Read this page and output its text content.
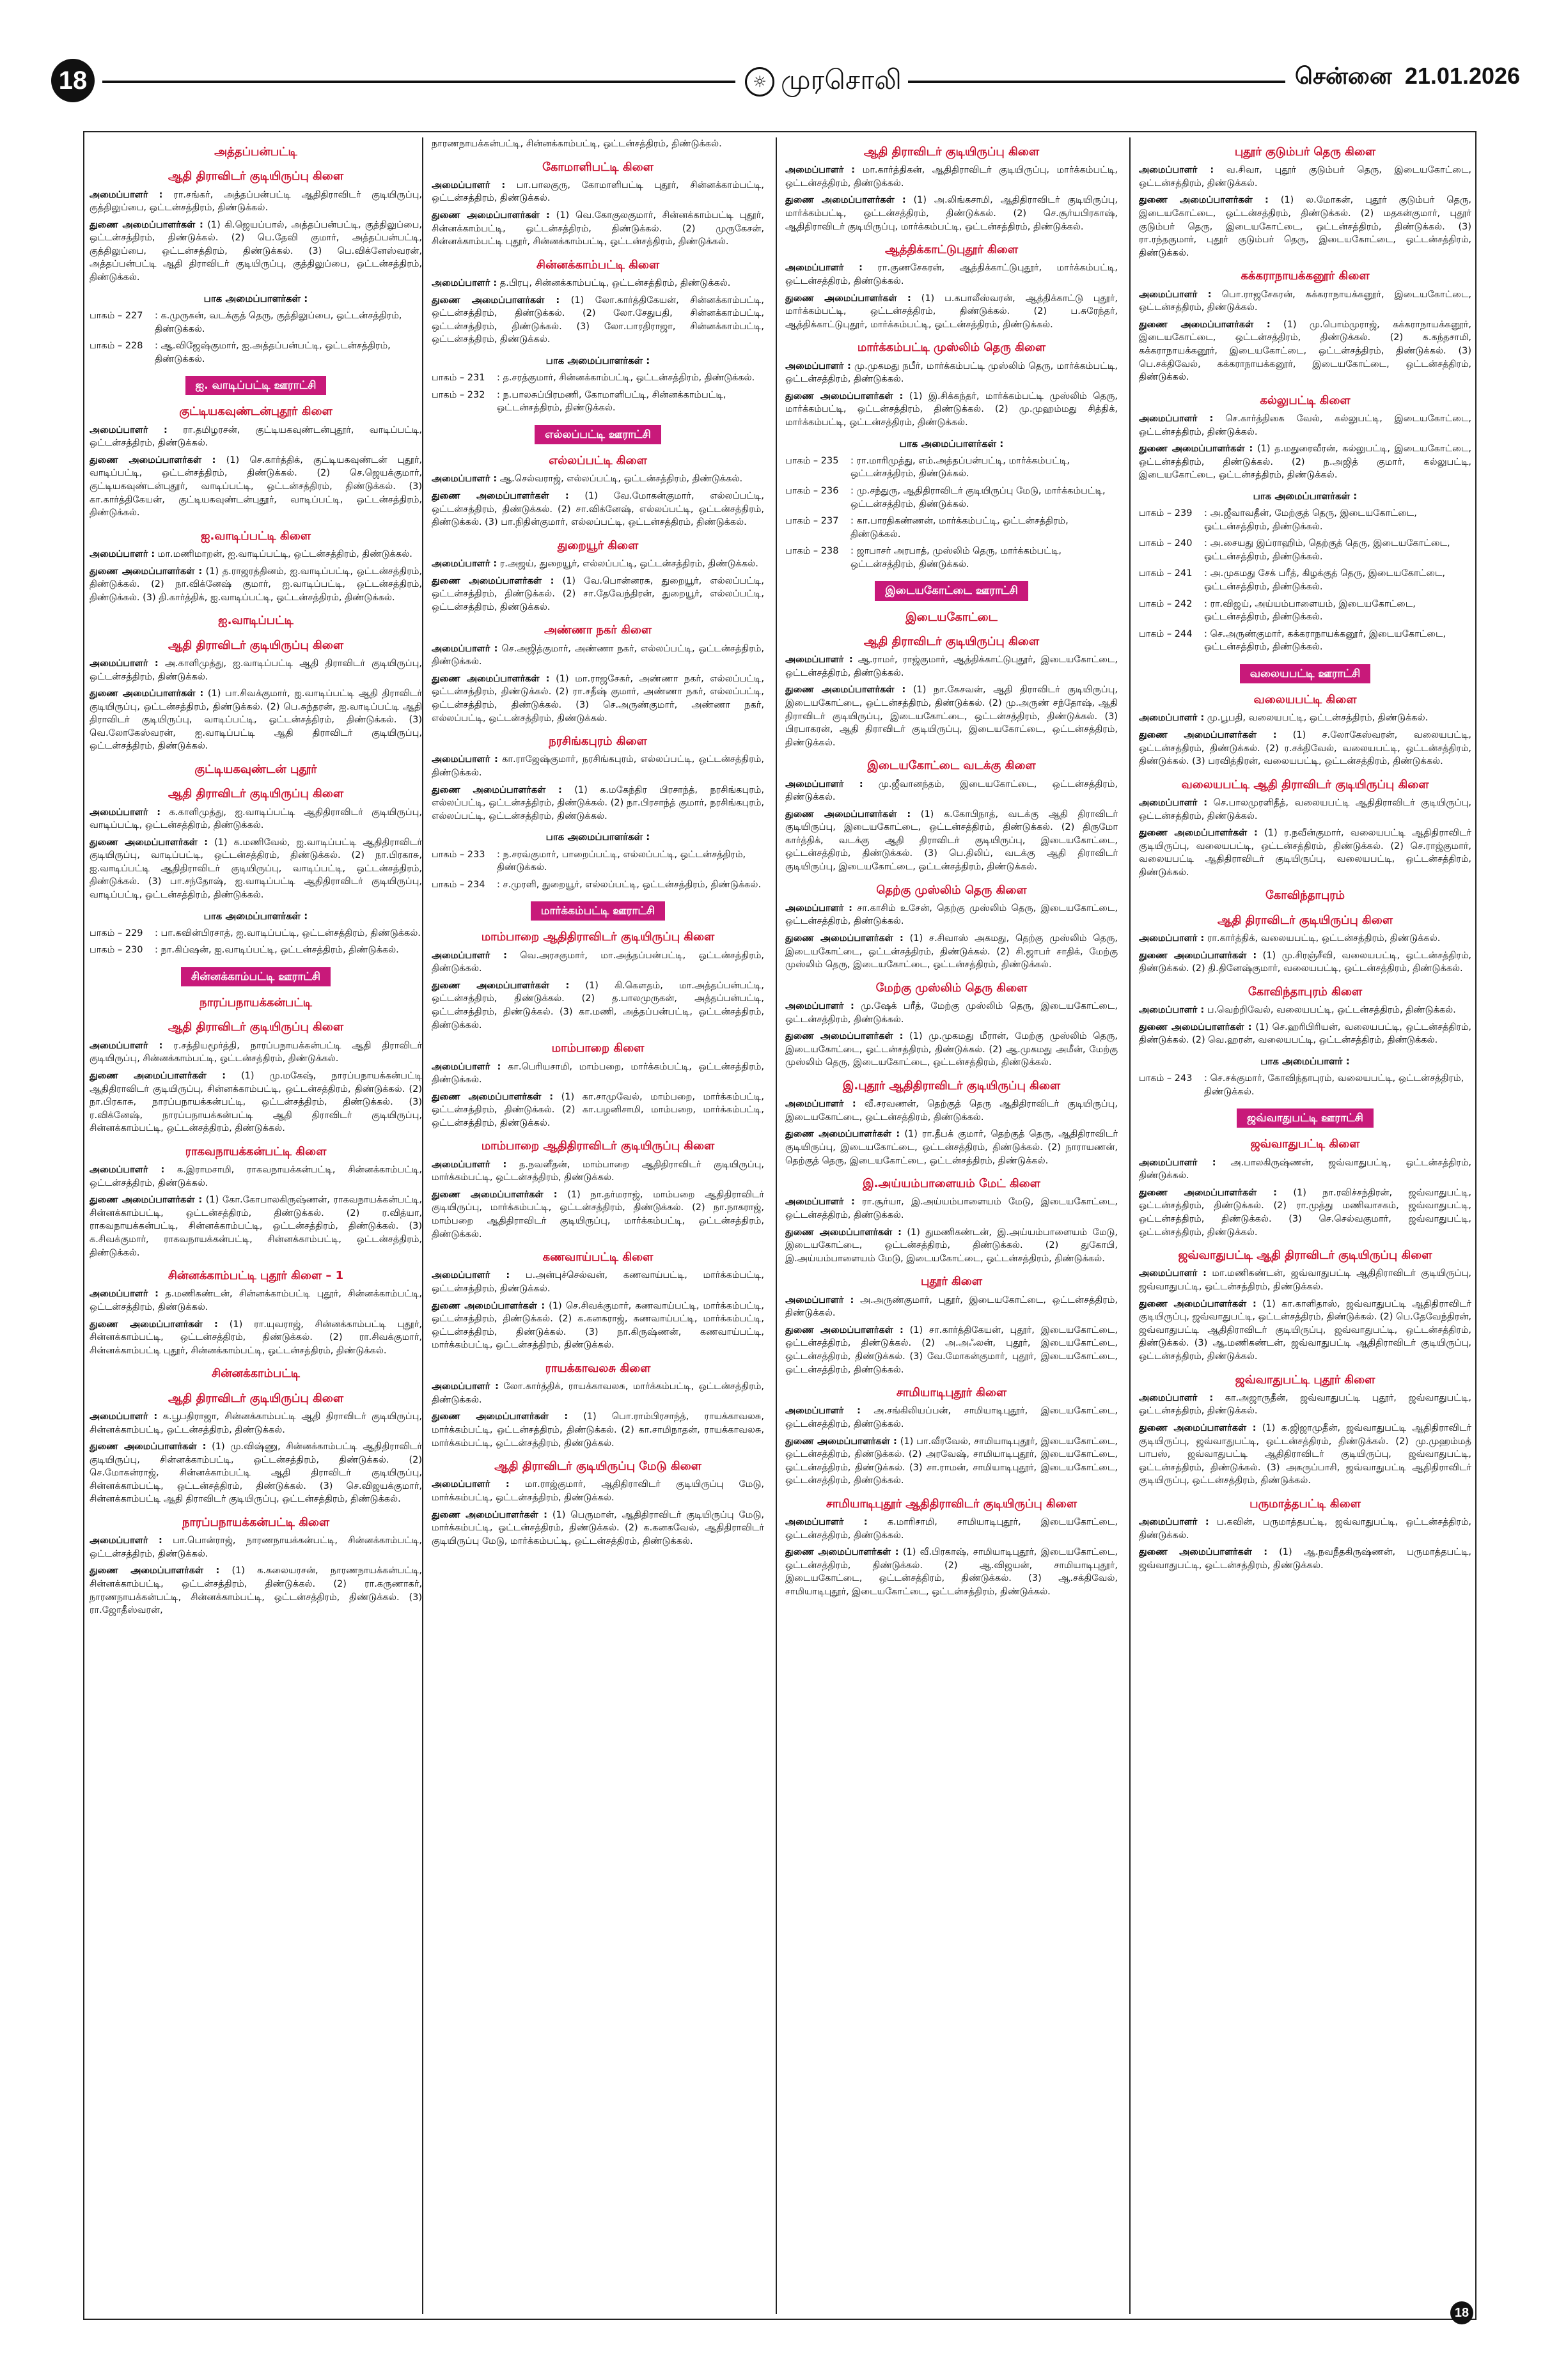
18	☼ முரசொலி	சென்னை 21.01.2026
அத்தப்பன்பட்டி
ஆதி திராவிடர் குடியிருப்பு கிளை
அமைப்பாளர் : ரா.சங்கர், அத்தப்பன்பட்டி ஆதிதிராவிடர் குடியிருப்பு, குத்திலுப்பை, ஒட்டன்சத்திரம், திண்டுக்கல்.
துணை அமைப்பாளர்கள் : (1) கி.ஜெயப்பால், அத்தப்பன்பட்டி, குத்திலுப்பை, ஒட்டன்சத்திரம், திண்டுக்கல். (2) பெ.தேவி குமார், அத்தப்பன்பட்டி, குத்திலுப்பை, ஒட்டன்சத்திரம், திண்டுக்கல். (3) பெ.விக்னேஸ்வரன், அத்தப்பன்பட்டி ஆதி திராவிடர் குடியிருப்பு, குத்திலுப்பை, ஒட்டன்சத்திரம், திண்டுக்கல்.
பாக அமைப்பாளர்கள் :
பாகம் – 227	: க.முருகன், வடக்குத் தெரு, குத்திலுப்பை, ஒட்டன்சத்திரம், திண்டுக்கல்.
பாகம் – 228	: ஆ.விஜேஷ்குமார், ஐ.அத்தப்பன்பட்டி, ஒட்டன்சத்திரம், திண்டுக்கல்.
ஐ. வாடிப்பட்டி ஊராட்சி
குட்டியகவுண்டன்புதூர் கிளை
அமைப்பாளர் : ரா.தமிழரசன், குட்டியகவுண்டன்புதூர், வாடிப்பட்டி, ஒட்டன்சத்திரம், திண்டுக்கல்.
துணை அமைப்பாளர்கள் : (1) செ.கார்த்திக், குட்டியகவுண்டன் புதூர், வாடிப்பட்டி, ஒட்டன்சத்திரம், திண்டுக்கல். (2) செ.ஜெயக்குமார், குட்டியகவுண்டன்புதூர், வாடிப்பட்டி, ஒட்டன்சத்திரம், திண்டுக்கல். (3) கா.கார்த்திகேயன், குட்டியகவுண்டன்புதூர், வாடிப்பட்டி, ஒட்டன்சத்திரம், திண்டுக்கல்.
ஐ.வாடிப்பட்டி கிளை
அமைப்பாளர் : மா.மணிமாறன், ஐ.வாடிப்பட்டி, ஒட்டன்சத்திரம், திண்டுக்கல்.
துணை அமைப்பாளர்கள் : (1) த.ராஜரத்தினம், ஐ.வாடிப்பட்டி, ஒட்டன்சத்திரம், திண்டுக்கல். (2) நா.விக்னேஷ் குமார், ஐ.வாடிப்பட்டி, ஒட்டன்சத்திரம், திண்டுக்கல். (3) தி.கார்த்திக், ஐ.வாடிப்பட்டி, ஒட்டன்சத்திரம், திண்டுக்கல்.
ஐ.வாடிப்பட்டி
ஆதி திராவிடர் குடியிருப்பு கிளை
அமைப்பாளர் : அ.காளிமுத்து, ஐ.வாடிப்பட்டி ஆதி திராவிடர் குடியிருப்பு, ஒட்டன்சத்திரம், திண்டுக்கல்.
துணை அமைப்பாளர்கள் : (1) பா.சிவக்குமார், ஐ.வாடிப்பட்டி ஆதி திராவிடர் குடியிருப்பு, ஒட்டன்சத்திரம், திண்டுக்கல். (2) பெ.சுந்தரன், ஐ.வாடிப்பட்டி ஆதி திராவிடர் குடியிருப்பு, வாடிப்பட்டி, ஒட்டன்சத்திரம், திண்டுக்கல். (3) வெ.லோகேஸ்வரன், ஐ.வாடிப்பட்டி ஆதி திராவிடர் குடியிருப்பு, ஒட்டன்சத்திரம், திண்டுக்கல்.
குட்டியகவுண்டன் புதூர்
ஆதி திராவிடர் குடியிருப்பு கிளை
அமைப்பாளர் : க.காளிமுத்து, ஐ.வாடிப்பட்டி ஆதிதிராவிடர் குடியிருப்பு, வாடிப்பட்டி, ஒட்டன்சத்திரம், திண்டுக்கல்.
துணை அமைப்பாளர்கள் : (1) க.மணிவேல், ஐ.வாடிப்பட்டி ஆதிதிராவிடர் குடியிருப்பு, வாடிப்பட்டி, ஒட்டன்சத்திரம், திண்டுக்கல். (2) நா.பிரகாசு, ஐ.வாடிப்பட்டி ஆதிதிராவிடர் குடியிருப்பு, வாடிப்பட்டி, ஒட்டன்சத்திரம், திண்டுக்கல். (3) பா.சந்தோஷ், ஐ.வாடிப்பட்டி ஆதிதிராவிடர் குடியிருப்பு, வாடிப்பட்டி, ஒட்டன்சத்திரம், திண்டுக்கல்.
பாக அமைப்பாளர்கள் :
பாகம் – 229	: பா.கவின்பிரசாத், ஐ.வாடிப்பட்டி, ஒட்டன்சத்திரம், திண்டுக்கல்.
பாகம் – 230	: நா.கிப்ஷன், ஐ.வாடிப்பட்டி, ஒட்டன்சத்திரம், திண்டுக்கல்.
சின்னக்காம்பட்டி ஊராட்சி
நாரப்பநாயக்கன்பட்டி
ஆதி திராவிடர் குடியிருப்பு கிளை
அமைப்பாளர் : ர.சத்தியமூர்த்தி, நாரப்பநாயக்கன்பட்டி ஆதி திராவிடர் குடியிருப்பு, சின்னக்காம்பட்டி, ஒட்டன்சத்திரம், திண்டுக்கல்.
துணை அமைப்பாளர்கள் : (1) மு.மகேஷ், நாரப்பநாயக்கன்பட்டி ஆதிதிராவிடர் குடியிருப்பு, சின்னக்காம்பட்டி, ஒட்டன்சத்திரம், திண்டுக்கல். (2) நா.பிரகாசு, நாரப்பநாயக்கன்பட்டி, ஒட்டன்சத்திரம், திண்டுக்கல். (3) ர.விக்னேஷ், நாரப்பநாயக்கன்பட்டி ஆதி திராவிடர் குடியிருப்பு, சின்னக்காம்பட்டி, ஒட்டன்சத்திரம், திண்டுக்கல்.
ராகவநாயக்கன்பட்டி கிளை
அமைப்பாளர் : க.இராமசாமி, ராகவநாயக்கன்பட்டி, சின்னக்காம்பட்டி, ஒட்டன்சத்திரம், திண்டுக்கல்.
துணை அமைப்பாளர்கள் : (1) கோ.கோபாலகிருஷ்ணன், ராகவநாயக்கன்பட்டி, சின்னக்காம்பட்டி, ஒட்டன்சத்திரம், திண்டுக்கல். (2) ர.வித்யா, ராகவநாயக்கன்பட்டி, சின்னக்காம்பட்டி, ஒட்டன்சத்திரம், திண்டுக்கல். (3) க.சிவக்குமார், ராகவநாயக்கன்பட்டி, சின்னக்காம்பட்டி, ஒட்டன்சத்திரம், திண்டுக்கல்.
சின்னக்காம்பட்டி புதூர் கிளை – 1
அமைப்பாளர் : த.மணிகண்டன், சின்னக்காம்பட்டி புதூர், சின்னக்காம்பட்டி, ஒட்டன்சத்திரம், திண்டுக்கல்.
துணை அமைப்பாளர்கள் : (1) ரா.யுவராஜ், சின்னக்காம்பட்டி புதூர், சின்னக்காம்பட்டி, ஒட்டன்சத்திரம், திண்டுக்கல். (2) ரா.சிவக்குமார், சின்னக்காம்பட்டி புதூர், சின்னக்காம்பட்டி, ஒட்டன்சத்திரம், திண்டுக்கல்.
சின்னக்காம்பட்டி
ஆதி திராவிடர் குடியிருப்பு கிளை
அமைப்பாளர் : க.பூபதிராஜா, சின்னக்காம்பட்டி ஆதி திராவிடர் குடியிருப்பு, சின்னக்காம்பட்டி, ஒட்டன்சத்திரம், திண்டுக்கல்.
துணை அமைப்பாளர்கள் : (1) மு.விஷ்ணு, சின்னக்காம்பட்டி ஆதிதிராவிடர் குடியிருப்பு, சின்னக்காம்பட்டி, ஒட்டன்சத்திரம், திண்டுக்கல். (2) செ.மோகன்ராஜ், சின்னக்காம்பட்டி ஆதி திராவிடர் குடியிருப்பு, சின்னக்காம்பட்டி, ஒட்டன்சத்திரம், திண்டுக்கல். (3) செ.விஜயக்குமார், சின்னக்காம்பட்டி ஆதி திராவிடர் குடியிருப்பு, ஒட்டன்சத்திரம், திண்டுக்கல்.
நாரப்பநாயக்கன்பட்டி கிளை
அமைப்பாளர் : பா.பொன்ராஜ், நாரணநாயக்கன்பட்டி, சின்னக்காம்பட்டி, ஒட்டன்சத்திரம், திண்டுக்கல்.
துணை அமைப்பாளர்கள் : (1) க.கலையரசன், நாரணநாயக்கன்பட்டி, சின்னக்காம்பட்டி, ஒட்டன்சத்திரம், திண்டுக்கல். (2) ரா.கருணாகர், நாரணநாயக்கன்பட்டி, சின்னக்காம்பட்டி, ஒட்டன்சத்திரம், திண்டுக்கல். (3) ரா.ஜோதீஸ்வரன்,
நாரணநாயக்கன்பட்டி, சின்னக்காம்பட்டி, ஒட்டன்சத்திரம், திண்டுக்கல்.
கோமாளிபட்டி கிளை
அமைப்பாளர் : பா.பாலகுரு, கோமாளிபட்டி புதூர், சின்னக்காம்பட்டி, ஒட்டன்சத்திரம், திண்டுக்கல்.
துணை அமைப்பாளர்கள் : (1) வெ.கோகுலகுமார், சின்னக்காம்பட்டி புதூர், சின்னக்காம்பட்டி, ஒட்டன்சத்திரம், திண்டுக்கல். (2) முருகேசன், சின்னக்காம்பட்டி புதூர், சின்னக்காம்பட்டி, ஒட்டன்சத்திரம், திண்டுக்கல்.
சின்னக்காம்பட்டி கிளை
அமைப்பாளர் : த.பிரபு, சின்னக்காம்பட்டி, ஒட்டன்சத்திரம், திண்டுக்கல்.
துணை அமைப்பாளர்கள் : (1) லோ.கார்த்திகேயன், சின்னக்காம்பட்டி, ஒட்டன்சத்திரம், திண்டுக்கல். (2) லோ.சேதுபதி, சின்னக்காம்பட்டி, ஒட்டன்சத்திரம், திண்டுக்கல். (3) லோ.பாரதிராஜா, சின்னக்காம்பட்டி, ஒட்டன்சத்திரம், திண்டுக்கல்.
பாக அமைப்பாளர்கள் :
பாகம் – 231	: த.சரத்குமார், சின்னக்காம்பட்டி, ஒட்டன்சத்திரம், திண்டுக்கல்.
பாகம் – 232	: ந.பாலசுப்பிரமணி, கோமாளிபட்டி, சின்னக்காம்பட்டி, ஒட்டன்சத்திரம், திண்டுக்கல்.
எல்லப்பட்டி ஊராட்சி
எல்லப்பட்டி கிளை
அமைப்பாளர் : ஆ.செல்வராஜ், எல்லப்பட்டி, ஒட்டன்சத்திரம், திண்டுக்கல்.
துணை அமைப்பாளர்கள் : (1) வே.மோகன்குமார், எல்லப்பட்டி, ஒட்டன்சத்திரம், திண்டுக்கல். (2) சா.விக்னேஷ், எல்லப்பட்டி, ஒட்டன்சத்திரம், திண்டுக்கல். (3) பா.நிதின்குமார், எல்லப்பட்டி, ஒட்டன்சத்திரம், திண்டுக்கல்.
துறையூர் கிளை
அமைப்பாளர் : ர.அஜய், துறையூர், எல்லப்பட்டி, ஒட்டன்சத்திரம், திண்டுக்கல்.
துணை அமைப்பாளர்கள் : (1) வே.பொன்னரசு, துறையூர், எல்லப்பட்டி, ஒட்டன்சத்திரம், திண்டுக்கல். (2) சா.தேவேந்திரன், துறையூர், எல்லப்பட்டி, ஒட்டன்சத்திரம், திண்டுக்கல்.
அண்ணா நகர் கிளை
அமைப்பாளர் : செ.அஜித்குமார், அண்ணா நகர், எல்லப்பட்டி, ஒட்டன்சத்திரம், திண்டுக்கல்.
துணை அமைப்பாளர்கள் : (1) மா.ராஜசேகர், அண்ணா நகர், எல்லப்பட்டி, ஒட்டன்சத்திரம், திண்டுக்கல். (2) ரா.சதீஷ் குமார், அண்ணா நகர், எல்லப்பட்டி, ஒட்டன்சத்திரம், திண்டுக்கல். (3) செ.அருண்குமார், அண்ணா நகர், எல்லப்பட்டி, ஒட்டன்சத்திரம், திண்டுக்கல்.
நரசிங்கபுரம் கிளை
அமைப்பாளர் : கா.ராஜேஷ்குமார், நரசிங்கபுரம், எல்லப்பட்டி, ஒட்டன்சத்திரம், திண்டுக்கல்.
துணை அமைப்பாளர்கள் : (1) க.மகேந்திர பிரசாந்த், நரசிங்கபுரம், எல்லப்பட்டி, ஒட்டன்சத்திரம், திண்டுக்கல். (2) நா.பிரசாந்த் குமார், நரசிங்கபுரம், எல்லப்பட்டி, ஒட்டன்சத்திரம், திண்டுக்கல்.
பாக அமைப்பாளர்கள் :
பாகம் – 233	: ந.சரவ்குமார், பாறைப்பட்டி, எல்லப்பட்டி, ஒட்டன்சத்திரம், திண்டுக்கல்.
பாகம் – 234	: ச.முரளி, துறையூர், எல்லப்பட்டி, ஒட்டன்சத்திரம், திண்டுக்கல்.
மார்க்கம்பட்டி ஊராட்சி
மாம்பாறை ஆதிதிராவிடர் குடியிருப்பு கிளை
அமைப்பாளர் : வெ.அரசகுமார், மா.அத்தப்பன்பட்டி, ஒட்டன்சத்திரம், திண்டுக்கல்.
துணை அமைப்பாளர்கள் : (1) கி.கௌதம், மா.அத்தப்பன்பட்டி, ஒட்டன்சத்திரம், திண்டுக்கல். (2) த.பாலமுருகன், அத்தப்பன்பட்டி, ஒட்டன்சத்திரம், திண்டுக்கல். (3) கா.மணி, அத்தப்பன்பட்டி, ஒட்டன்சத்திரம், திண்டுக்கல்.
மாம்பாறை கிளை
அமைப்பாளர் : கா.பெரியசாமி, மாம்பறை, மார்க்கம்பட்டி, ஒட்டன்சத்திரம், திண்டுக்கல்.
துணை அமைப்பாளர்கள் : (1) கா.சாமுவேல், மாம்பறை, மார்க்கம்பட்டி, ஒட்டன்சத்திரம், திண்டுக்கல். (2) கா.பழனிசாமி, மாம்பறை, மார்க்கம்பட்டி, ஒட்டன்சத்திரம், திண்டுக்கல்.
மாம்பாறை ஆதிதிராவிடர் குடியிருப்பு கிளை
அமைப்பாளர் : த.நவனீதன், மாம்பாறை ஆதிதிராவிடர் குடியிருப்பு, மார்க்கம்பட்டி, ஒட்டன்சத்திரம், திண்டுக்கல்.
துணை அமைப்பாளர்கள் : (1) நா.தர்மராஜ், மாம்பறை ஆதிதிராவிடர் குடியிருப்பு, மார்க்கம்பட்டி, ஒட்டன்சத்திரம், திண்டுக்கல். (2) நா.நாகராஜ், மாம்பறை ஆதிதிராவிடர் குடியிருப்பு, மார்க்கம்பட்டி, ஒட்டன்சத்திரம், திண்டுக்கல்.
கணவாய்பட்டி கிளை
அமைப்பாளர் : ப.அன்புச்செல்வன், கணவாய்பட்டி, மார்க்கம்பட்டி, ஒட்டன்சத்திரம், திண்டுக்கல்.
துணை அமைப்பாளர்கள் : (1) செ.சிவக்குமார், கணவாய்பட்டி, மார்க்கம்பட்டி, ஒட்டன்சத்திரம், திண்டுக்கல். (2) க.கனகராஜ், கணவாய்பட்டி, மார்க்கம்பட்டி, ஒட்டன்சத்திரம், திண்டுக்கல். (3) நா.கிருஷ்ணன், கணவாய்பட்டி, மார்க்கம்பட்டி, ஒட்டன்சத்திரம், திண்டுக்கல்.
ராயக்காவலசு கிளை
அமைப்பாளர் : லோ.கார்த்திக், ராயக்காவலசு, மார்க்கம்பட்டி, ஒட்டன்சத்திரம், திண்டுக்கல்.
துணை அமைப்பாளர்கள் : (1) பொ.ராம்பிரசாந்த், ராயக்காவலசு, மார்க்கம்பட்டி, ஒட்டன்சத்திரம், திண்டுக்கல். (2) கா.சாமிநாதன், ராயக்காவலசு, மார்க்கம்பட்டி, ஒட்டன்சத்திரம், திண்டுக்கல்.
ஆதி திராவிடர் குடியிருப்பு மேடு கிளை
அமைப்பாளர் : மா.ராஜ்குமார், ஆதிதிராவிடர் குடியிருப்பு மேடு, மார்க்கம்பட்டி, ஒட்டன்சத்திரம், திண்டுக்கல்.
துணை அமைப்பாளர்கள் : (1) பெருமாள், ஆதிதிராவிடர் குடியிருப்பு மேடு, மார்க்கம்பட்டி, ஒட்டன்சத்திரம், திண்டுக்கல். (2) க.கனகவேல், ஆதிதிராவிடர் குடியிருப்பு மேடு, மார்க்கம்பட்டி, ஒட்டன்சத்திரம், திண்டுக்கல்.
ஆதி திராவிடர் குடியிருப்பு கிளை
அமைப்பாளர் : மா.கார்த்திகன், ஆதிதிராவிடர் குடியிருப்பு, மார்க்கம்பட்டி, ஒட்டன்சத்திரம், திண்டுக்கல்.
துணை அமைப்பாளர்கள் : (1) அ.லிங்கசாமி, ஆதிதிராவிடர் குடியிருப்பு, மார்க்கம்பட்டி, ஒட்டன்சத்திரம், திண்டுக்கல். (2) செ.சூர்யபிரகாஷ், ஆதிதிராவிடர் குடியிருப்பு, மார்க்கம்பட்டி, ஒட்டன்சத்திரம், திண்டுக்கல்.
ஆத்திக்காட்டுபுதூர் கிளை
அமைப்பாளர் : ரா.குணசேகரன், ஆத்திக்காட்டுபுதூர், மார்க்கம்பட்டி, ஒட்டன்சத்திரம், திண்டுக்கல்.
துணை அமைப்பாளர்கள் : (1) ப.கபாலீஸ்வரன், ஆத்திக்காட்டு புதூர், மார்க்கம்பட்டி, ஒட்டன்சத்திரம், திண்டுக்கல். (2) ப.சுரேந்தர், ஆத்திக்காட்டுபுதூர், மார்க்கம்பட்டி, ஒட்டன்சத்திரம், திண்டுக்கல்.
மார்க்கம்பட்டி முஸ்லிம் தெரு கிளை
அமைப்பாளர் : மு.முகமது நபீர், மார்க்கம்பட்டி முஸ்லிம் தெரு, மார்க்கம்பட்டி, ஒட்டன்சத்திரம், திண்டுக்கல்.
துணை அமைப்பாளர்கள் : (1) இ.சிக்கந்தர், மார்க்கம்பட்டி முஸ்லிம் தெரு, மார்க்கம்பட்டி, ஒட்டன்சத்திரம், திண்டுக்கல். (2) மு.முஹம்மது சித்திக், மார்க்கம்பட்டி, ஒட்டன்சத்திரம், திண்டுக்கல்.
பாக அமைப்பாளர்கள் :
பாகம் – 235	: ரா.மாரிமுத்து, எம்.அத்தப்பன்பட்டி, மார்க்கம்பட்டி, ஒட்டன்சத்திரம், திண்டுக்கல்.
பாகம் – 236	: மு.சந்துரு, ஆதிதிராவிடர் குடியிருப்பு மேடு, மார்க்கம்பட்டி, ஒட்டன்சத்திரம், திண்டுக்கல்.
பாகம் – 237	: கா.பாரதிகண்ணன், மார்க்கம்பட்டி, ஒட்டன்சத்திரம், திண்டுக்கல்.
பாகம் – 238	: ஜாபாசர் அரபாத், முஸ்லிம் தெரு, மார்க்கம்பட்டி, ஒட்டன்சத்திரம், திண்டுக்கல்.
இடையகோட்டை ஊராட்சி
இடையகோட்டை
ஆதி திராவிடர் குடியிருப்பு கிளை
அமைப்பாளர் : ஆ.ராமர், ராஜ்குமார், ஆத்திக்காட்டுபுதூர், இடையகோட்டை, ஒட்டன்சத்திரம், திண்டுக்கல்.
துணை அமைப்பாளர்கள் : (1) நா.கேசவன், ஆதி திராவிடர் குடியிருப்பு, இடையகோட்டை, ஒட்டன்சத்திரம், திண்டுக்கல். (2) மு.அருண் சந்தோஷ், ஆதி திராவிடர் குடியிருப்பு, இடையகோட்டை, ஒட்டன்சத்திரம், திண்டுக்கல். (3) பிரபாகரன், ஆதி திராவிடர் குடியிருப்பு, இடையகோட்டை, ஒட்டன்சத்திரம், திண்டுக்கல்.
இடையகோட்டை வடக்கு கிளை
அமைப்பாளர் : மு.ஜீவானந்தம், இடையகோட்டை, ஒட்டன்சத்திரம், திண்டுக்கல்.
துணை அமைப்பாளர்கள் : (1) க.கோபிநாத், வடக்கு ஆதி திராவிடர் குடியிருப்பு, இடையகோட்டை, ஒட்டன்சத்திரம், திண்டுக்கல். (2) திருமோ கார்த்திக், வடக்கு ஆதி திராவிடர் குடியிருப்பு, இடையகோட்டை, ஒட்டன்சத்திரம், திண்டுக்கல். (3) பெ.திலிப், வடக்கு ஆதி திராவிடர் குடியிருப்பு, இடையகோட்டை, ஒட்டன்சத்திரம், திண்டுக்கல்.
தெற்கு முஸ்லிம் தெரு கிளை
அமைப்பாளர் : சா.காசிம் உசேன், தெற்கு முஸ்லிம் தெரு, இடையகோட்டை, ஒட்டன்சத்திரம், திண்டுக்கல்.
துணை அமைப்பாளர்கள் : (1) ச.சிவாஸ் அகமது, தெற்கு முஸ்லிம் தெரு, இடையகோட்டை, ஒட்டன்சத்திரம், திண்டுக்கல். (2) சி.ஜாபர் சாதிக், மேற்கு முஸ்லிம் தெரு, இடையகோட்டை, ஒட்டன்சத்திரம், திண்டுக்கல்.
மேற்கு முஸ்லிம் தெரு கிளை
அமைப்பாளர் : மு.ஷேக் பரீத், மேற்கு முஸ்லிம் தெரு, இடையகோட்டை, ஒட்டன்சத்திரம், திண்டுக்கல்.
துணை அமைப்பாளர்கள் : (1) மு.முகமது மீரான், மேற்கு முஸ்லிம் தெரு, இடையகோட்டை, ஒட்டன்சத்திரம், திண்டுக்கல். (2) ஆ.முகமது அமீன், மேற்கு முஸ்லிம் தெரு, இடையகோட்டை, ஒட்டன்சத்திரம், திண்டுக்கல்.
இ.புதூர் ஆதிதிராவிடர் குடியிருப்பு கிளை
அமைப்பாளர் : வீ.சரவணன், தெற்குத் தெரு ஆதிதிராவிடர் குடியிருப்பு, இடையகோட்டை, ஒட்டன்சத்திரம், திண்டுக்கல்.
துணை அமைப்பாளர்கள் : (1) ரா.தீபக் குமார், தெற்குத் தெரு, ஆதிதிராவிடர் குடியிருப்பு, இடையகோட்டை, ஒட்டன்சத்திரம், திண்டுக்கல். (2) நாராயணன், தெற்குத் தெரு, இடையகோட்டை, ஒட்டன்சத்திரம், திண்டுக்கல்.
இ.அய்யம்பாளையம் மேட் கிளை
அமைப்பாளர் : ரா.சூர்யா, இ.அய்யம்பாளையம் மேடு, இடையகோட்டை, ஒட்டன்சத்திரம், திண்டுக்கல்.
துணை அமைப்பாளர்கள் : (1) துமணிகண்டன், இ.அய்யம்பாளையம் மேடு, இடையகோட்டை, ஒட்டன்சத்திரம், திண்டுக்கல். (2) துகோபி, இ.அய்யம்பாளையம் மேடு, இடையகோட்டை, ஒட்டன்சத்திரம், திண்டுக்கல்.
புதூர் கிளை
அமைப்பாளர் : அ.அருண்குமார், புதூர், இடையகோட்டை, ஒட்டன்சத்திரம், திண்டுக்கல்.
துணை அமைப்பாளர்கள் : (1) சா.கார்த்திகேயன், புதூர், இடையகோட்டை, ஒட்டன்சத்திரம், திண்டுக்கல். (2) அ.அஃலன், புதூர், இடையகோட்டை, ஒட்டன்சத்திரம், திண்டுக்கல். (3) வே.மோகன்குமார், புதூர், இடையகோட்டை, ஒட்டன்சத்திரம், திண்டுக்கல்.
சாமியாடிபுதூர் கிளை
அமைப்பாளர் : அ.சங்கிலியப்பன், சாமியாடிபுதூர், இடையகோட்டை, ஒட்டன்சத்திரம், திண்டுக்கல்.
துணை அமைப்பாளர்கள் : (1) பா.வீரவேல், சாமியாடிபுதூர், இடையகோட்டை, ஒட்டன்சத்திரம், திண்டுக்கல். (2) அரவேஷ், சாமியாடிபுதூர், இடையகோட்டை, ஒட்டன்சத்திரம், திண்டுக்கல். (3) சா.ராமன், சாமியாடிபுதூர், இடையகோட்டை, ஒட்டன்சத்திரம், திண்டுக்கல்.
சாமியாடிபுதூர் ஆதிதிராவிடர் குடியிருப்பு கிளை
அமைப்பாளர் : க.மாரிசாமி, சாமியாடிபுதூர், இடையகோட்டை, ஒட்டன்சத்திரம், திண்டுக்கல்.
துணை அமைப்பாளர்கள் : (1) வீ.பிரகாஷ், சாமியாடிபுதூர், இடையகோட்டை, ஒட்டன்சத்திரம், திண்டுக்கல். (2) ஆ.விஜயன், சாமியாடிபுதூர், இடையகோட்டை, ஒட்டன்சத்திரம், திண்டுக்கல். (3) ஆ.சக்திவேல், சாமியாடிபுதூர், இடையகோட்டை, ஒட்டன்சத்திரம், திண்டுக்கல்.
புதூர் குடும்பர் தெரு கிளை
அமைப்பாளர் : வ.சிவா, புதூர் குடும்பர் தெரு, இடையகோட்டை, ஒட்டன்சத்திரம், திண்டுக்கல்.
துணை அமைப்பாளர்கள் : (1) ல.மோகன், புதூர் குடும்பர் தெரு, இடையகோட்டை, ஒட்டன்சத்திரம், திண்டுக்கல். (2) மதகன்குமார், புதூர் குடும்பர் தெரு, இடையகோட்டை, ஒட்டன்சத்திரம், திண்டுக்கல். (3) ரா.ரந்தகுமார், புதூர் குடும்பர் தெரு, இடையகோட்டை, ஒட்டன்சத்திரம், திண்டுக்கல்.
கக்கராநாயக்கனூர் கிளை
அமைப்பாளர் : பொ.ராஜசேகரன், கக்கராநாயக்கனூர், இடையகோட்டை, ஒட்டன்சத்திரம், திண்டுக்கல்.
துணை அமைப்பாளர்கள் : (1) மு.பொம்முராஜ், கக்கராநாயக்கனூர், இடையகோட்டை, ஒட்டன்சத்திரம், திண்டுக்கல். (2) க.கந்தசாமி, கக்கராநாயக்கனூர், இடையகோட்டை, ஒட்டன்சத்திரம், திண்டுக்கல். (3) பெ.சக்திவேல், கக்கராநாயக்கனூர், இடையகோட்டை, ஒட்டன்சத்திரம், திண்டுக்கல்.
கல்லுபட்டி கிளை
அமைப்பாளர் : செ.கார்த்திகை வேல், கல்லுபட்டி, இடையகோட்டை, ஒட்டன்சத்திரம், திண்டுக்கல்.
துணை அமைப்பாளர்கள் : (1) த.மதுரைவீரன், கல்லுபட்டி, இடையகோட்டை, ஒட்டன்சத்திரம், திண்டுக்கல். (2) ந.அஜித் குமார், கல்லுபட்டி, இடையகோட்டை, ஒட்டன்சத்திரம், திண்டுக்கல்.
பாக அமைப்பாளர்கள் :
பாகம் – 239	: அ.ஜீவாவதீன், மேற்குத் தெரு, இடையகோட்டை, ஒட்டன்சத்திரம், திண்டுக்கல்.
பாகம் – 240	: அ.சையது இப்ராஹிம், தெற்குத் தெரு, இடையகோட்டை, ஒட்டன்சத்திரம், திண்டுக்கல்.
பாகம் – 241	: அ.முகமது சேக் பரீத், கிழக்குத் தெரு, இடையகோட்டை, ஒட்டன்சத்திரம், திண்டுக்கல்.
பாகம் – 242	: ரா.விஜய், அய்யம்பாளையம், இடையகோட்டை, ஒட்டன்சத்திரம், திண்டுக்கல்.
பாகம் – 244	: செ.அருண்குமார், கக்கராநாயக்கனூர், இடையகோட்டை, ஒட்டன்சத்திரம், திண்டுக்கல்.
வலையபட்டி ஊராட்சி
வலையபட்டி கிளை
அமைப்பாளர் : மு.பூபதி, வலையபட்டி, ஒட்டன்சத்திரம், திண்டுக்கல்.
துணை அமைப்பாளர்கள் : (1) ச.லோகேஸ்வரன், வலையபட்டி, ஒட்டன்சத்திரம், திண்டுக்கல். (2) ர.சக்திவேல், வலையபட்டி, ஒட்டன்சத்திரம், திண்டுக்கல். (3) பரவித்திரன், வலையபட்டி, ஒட்டன்சத்திரம், திண்டுக்கல்.
வலையபட்டி ஆதி திராவிடர் குடியிருப்பு கிளை
அமைப்பாளர் : செ.பாலமுரளிதீத், வலையபட்டி ஆதிதிராவிடர் குடியிருப்பு, ஒட்டன்சத்திரம், திண்டுக்கல்.
துணை அமைப்பாளர்கள் : (1) ர.நவீன்குமார், வலையபட்டி ஆதிதிராவிடர் குடியிருப்பு, வலையபட்டி, ஒட்டன்சத்திரம், திண்டுக்கல். (2) செ.ராஜ்குமார், வலையபட்டி ஆதிதிராவிடர் குடியிருப்பு, வலையபட்டி, ஒட்டன்சத்திரம், திண்டுக்கல்.
கோவிந்தாபுரம்
ஆதி திராவிடர் குடியிருப்பு கிளை
அமைப்பாளர் : ரா.கார்த்திக், வலையபட்டி, ஒட்டன்சத்திரம், திண்டுக்கல்.
துணை அமைப்பாளர்கள் : (1) மு.சிரஞ்சீவி, வலையபட்டி, ஒட்டன்சத்திரம், திண்டுக்கல். (2) தி.தினேஷ்குமார், வலையபட்டி, ஒட்டன்சத்திரம், திண்டுக்கல்.
கோவிந்தாபுரம் கிளை
அமைப்பாளர் : ப.வெற்றிவேல், வலையபட்டி, ஒட்டன்சத்திரம், திண்டுக்கல்.
துணை அமைப்பாளர்கள் : (1) செ.ஹரிபிரியன், வலையபட்டி, ஒட்டன்சத்திரம், திண்டுக்கல். (2) வெ.ஹரன், வலையபட்டி, ஒட்டன்சத்திரம், திண்டுக்கல்.
பாக அமைப்பாளர் :
பாகம் – 243	: செ.சக்குமார், கோவிந்தாபுரம், வலையபட்டி, ஒட்டன்சத்திரம், திண்டுக்கல்.
ஜவ்வாதுபட்டி ஊராட்சி
ஜவ்வாதுபட்டி கிளை
அமைப்பாளர் : அ.பாலகிருஷ்ணன், ஜவ்வாதுபட்டி, ஒட்டன்சத்திரம், திண்டுக்கல்.
துணை அமைப்பாளர்கள் : (1) நா.ரவிச்சந்திரன், ஜவ்வாதுபட்டி, ஒட்டன்சத்திரம், திண்டுக்கல். (2) ரா.முத்து மணிவாசகம், ஜவ்வாதுபட்டி, ஒட்டன்சத்திரம், திண்டுக்கல். (3) செ.செல்வகுமார், ஜவ்வாதுபட்டி, ஒட்டன்சத்திரம், திண்டுக்கல்.
ஜவ்வாதுபட்டி ஆதி திராவிடர் குடியிருப்பு கிளை
அமைப்பாளர் : மா.மணிகண்டன், ஜவ்வாதுபட்டி ஆதிதிராவிடர் குடியிருப்பு, ஜவ்வாதுபட்டி, ஒட்டன்சத்திரம், திண்டுக்கல்.
துணை அமைப்பாளர்கள் : (1) கா.காளிதாஸ், ஜவ்வாதுபட்டி ஆதிதிராவிடர் குடியிருப்பு, ஜவ்வாதுபட்டி, ஒட்டன்சத்திரம், திண்டுக்கல். (2) பெ.தேவேந்திரன், ஜவ்வாதுபட்டி ஆதிதிராவிடர் குடியிருப்பு, ஜவ்வாதுபட்டி, ஒட்டன்சத்திரம், திண்டுக்கல். (3) ஆ.மணிகண்டன், ஜவ்வாதுபட்டி ஆதிதிராவிடர் குடியிருப்பு, ஒட்டன்சத்திரம், திண்டுக்கல்.
ஜவ்வாதுபட்டி புதூர் கிளை
அமைப்பாளர் : கா.அஜாருதீன், ஜவ்வாதுபட்டி புதூர், ஜவ்வாதுபட்டி, ஒட்டன்சத்திரம், திண்டுக்கல்.
துணை அமைப்பாளர்கள் : (1) க.ஜிஜாமுதீன், ஜவ்வாதுபட்டி ஆதிதிராவிடர் குடியிருப்பு, ஜவ்வாதுபட்டி, ஒட்டன்சத்திரம், திண்டுக்கல். (2) மு.முஹம்மத் பாபஸ், ஜவ்வாதுபட்டி ஆதிதிராவிடர் குடியிருப்பு, ஜவ்வாதுபட்டி, ஒட்டன்சத்திரம், திண்டுக்கல். (3) அசுருப்பாசி, ஜவ்வாதுபட்டி ஆதிதிராவிடர் குடியிருப்பு, ஒட்டன்சத்திரம், திண்டுக்கல்.
பருமாத்தபட்டி கிளை
அமைப்பாளர் : ப.கவின், பருமாத்தபட்டி, ஜவ்வாதுபட்டி, ஒட்டன்சத்திரம், திண்டுக்கல்.
துணை அமைப்பாளர்கள் : (1) ஆ.நவநீதகிருஷ்ணன், பருமாத்தபட்டி, ஜவ்வாதுபட்டி, ஒட்டன்சத்திரம், திண்டுக்கல்.
18
